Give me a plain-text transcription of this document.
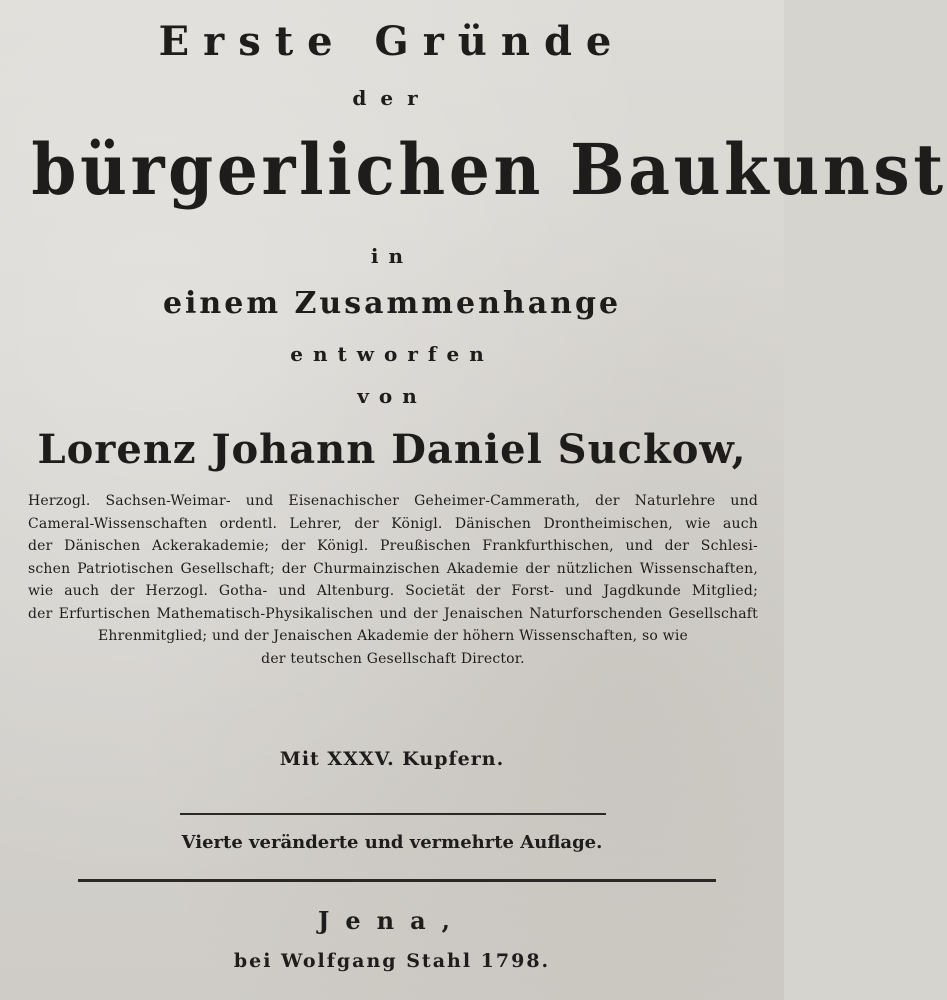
Erste Gründe
der
bürgerlichen Baukunst
in
einem Zusammenhange
entworfen
von
Lorenz Johann Daniel Suckow,
Herzogl. Sachsen-Weimar- und Eisenachischer Geheimer-Cammerath, der Naturlehre und
Cameral-Wissenschaften ordentl. Lehrer, der Königl. Dänischen Drontheimischen, wie auch
der Dänischen Ackerakademie; der Königl. Preußischen Frankfurthischen, und der Schlesi-
schen Patriotischen Gesellschaft; der Churmainzischen Akademie der nützlichen Wissenschaften,
wie auch der Herzogl. Gotha- und Altenburg. Societät der Forst- und Jagdkunde Mitglied;
der Erfurtischen Mathematisch-Physikalischen und der Jenaischen Naturforschenden Gesellschaft
Ehrenmitglied; und der Jenaischen Akademie der höhern Wissenschaften, so wie
der teutschen Gesellschaft Director.
Mit XXXV. Kupfern.
Vierte veränderte und vermehrte Auflage.
Jena,
bei Wolfgang Stahl 1798.
